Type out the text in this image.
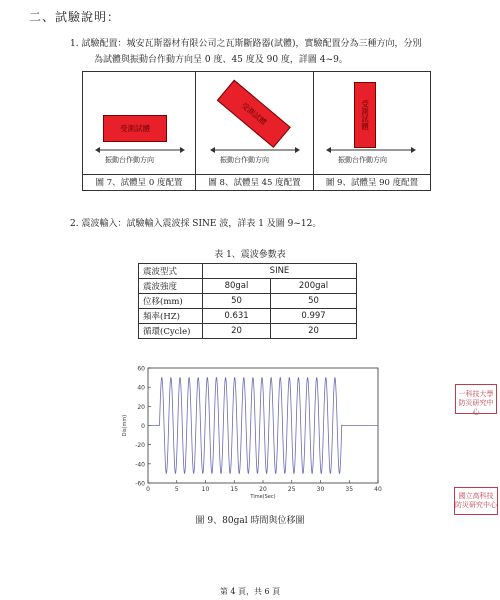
二、試驗說明：
1. 試驗配置：城安瓦斯器材有限公司之瓦斯斷路器(試體)，實驗配置分為三種方向，分別
為試體與振動台作動方向呈 0 度、45 度及 90 度，詳圖 4~9。
受測試體
振動台作動方向
圖 7、試體呈 0 度配置
受測試體
振動台作動方向
圖 8、試體呈 45 度配置
受測試體
振動台作動方向
圖 9、試體呈 90 度配置
2. 震波輸入：試驗輸入震波採 SINE 波，詳表 1 及圖 9~12。
表 1、震波參數表
震波型式	SINE	
震波強度	80gal	200gal
位移(mm)	50	50
頻率(HZ)	0.631	0.997
循環(Cycle)	20	20
60
40
20
0
-20
-40
-60
0	5	10	15	20	25	30	35	40
Time(Sec)
Dis(mm)
圖 9、80gal 時間與位移圖
一科技大學
防災研究中心
國立高科技
防災研究中心
第 4 頁，共 6 頁
